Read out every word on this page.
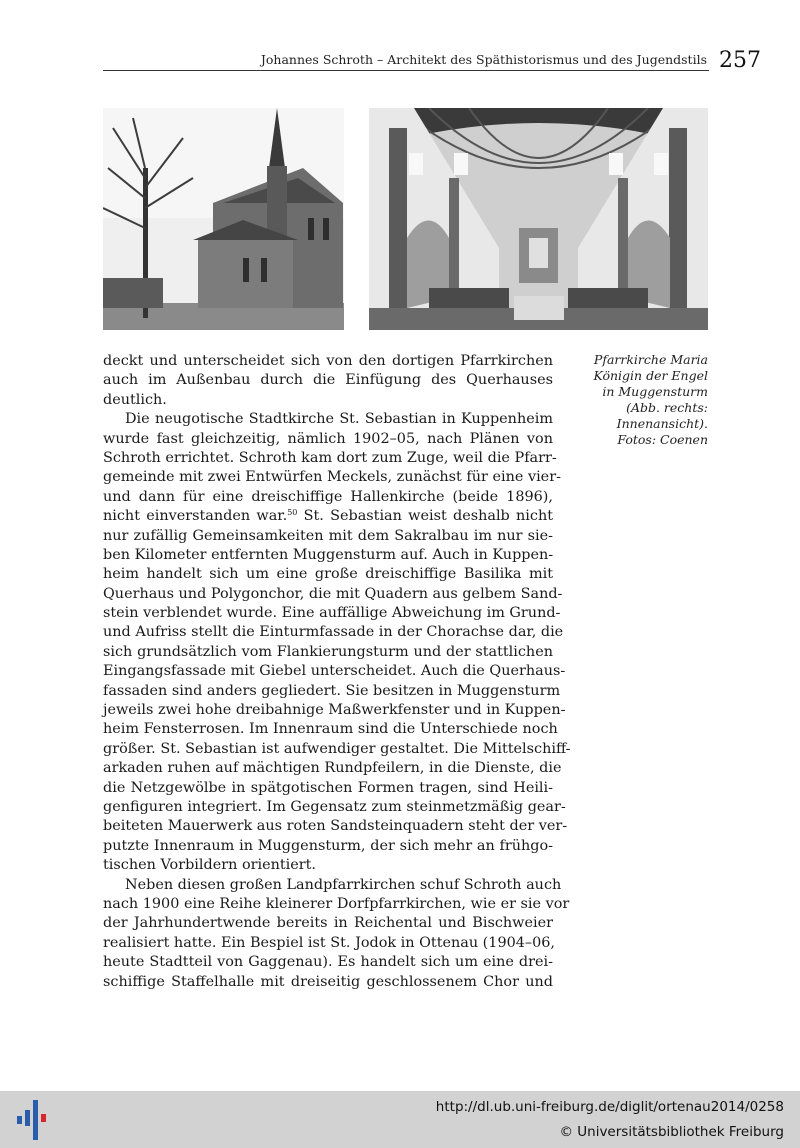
Johannes Schroth – Architekt des Späthistorismus und des Jugendstils 257
Pfarrkirche Maria
Königin der Engel
in Muggensturm
(Abb. rechts:
Innenansicht).
Fotos: Coenen
deckt und unterscheidet sich von den dortigen Pfarrkirchen
auch im Außenbau durch die Einfügung des Querhauses
deutlich.
Die neugotische Stadtkirche St. Sebastian in Kuppenheim
wurde fast gleichzeitig, nämlich 1902–05, nach Plänen von
Schroth errichtet. Schroth kam dort zum Zuge, weil die Pfarr-
gemeinde mit zwei Entwürfen Meckels, zunächst für eine vier-
und dann für eine dreischiffige Hallenkirche (beide 1896),
nicht einverstanden war.$^{50}$ St. Sebastian weist deshalb nicht
nur zufällig Gemeinsamkeiten mit dem Sakralbau im nur sie-
ben Kilometer entfernten Muggensturm auf. Auch in Kuppen-
heim handelt sich um eine große dreischiffige Basilika mit
Querhaus und Polygonchor, die mit Quadern aus gelbem Sand-
stein verblendet wurde. Eine auffällige Abweichung im Grund-
und Aufriss stellt die Einturmfassade in der Chorachse dar, die
sich grundsätzlich vom Flankierungsturm und der stattlichen
Eingangsfassade mit Giebel unterscheidet. Auch die Querhaus-
fassaden sind anders gegliedert. Sie besitzen in Muggensturm
jeweils zwei hohe dreibahnige Maßwerkfenster und in Kuppen-
heim Fensterrosen. Im Innenraum sind die Unterschiede noch
größer. St. Sebastian ist aufwendiger gestaltet. Die Mittelschiff-
arkaden ruhen auf mächtigen Rundpfeilern, in die Dienste, die
die Netzgewölbe in spätgotischen Formen tragen, sind Heili-
genfiguren integriert. Im Gegensatz zum steinmetzmäßig gear-
beiteten Mauerwerk aus roten Sandsteinquadern steht der ver-
putzte Innenraum in Muggensturm, der sich mehr an frühgo-
tischen Vorbildern orientiert.
Neben diesen großen Landpfarrkirchen schuf Schroth auch
nach 1900 eine Reihe kleinerer Dorfpfarrkirchen, wie er sie vor
der Jahrhundertwende bereits in Reichental und Bischweier
realisiert hatte. Ein Bespiel ist St. Jodok in Ottenau (1904–06,
heute Stadtteil von Gaggenau). Es handelt sich um eine drei-
schiffige Staffelhalle mit dreiseitig geschlossenem Chor und
http://dl.ub.uni-freiburg.de/diglit/ortenau2014/0258
© Universitätsbibliothek Freiburg
